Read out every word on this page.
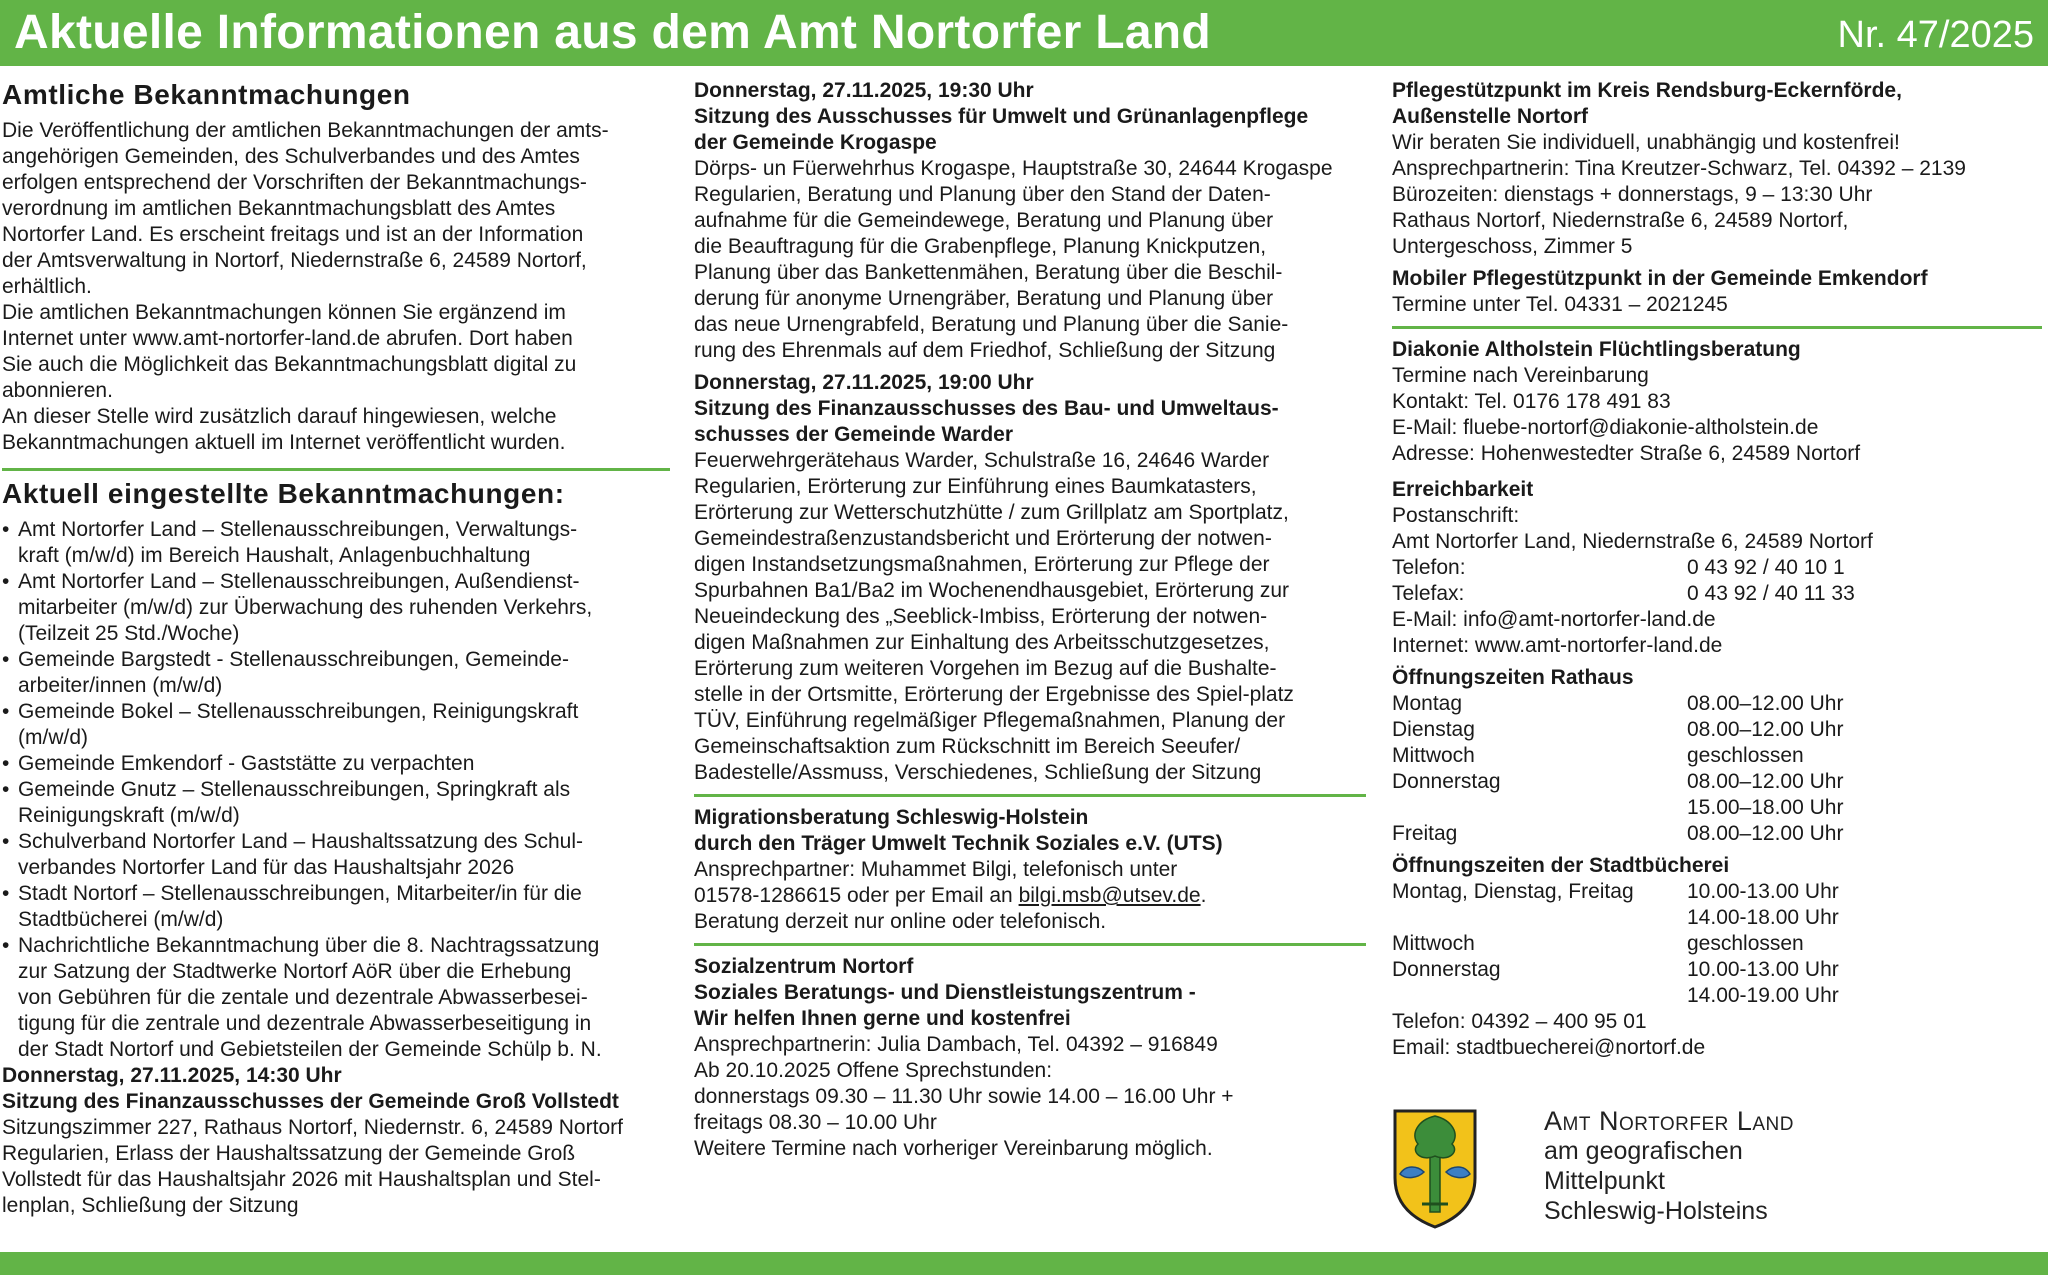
Aktuelle Informationen aus dem Amt Nortorfer Land	Nr. 47/2025
Amtliche Bekanntmachungen
Die Veröffentlichung der amtlichen Bekanntmachungen der amts-
angehörigen Gemeinden, des Schulverbandes und des Amtes
erfolgen entsprechend der Vorschriften der Bekanntmachungs-
verordnung im amtlichen Bekanntmachungsblatt des Amtes
Nortorfer Land. Es erscheint freitags und ist an der Information
der Amtsverwaltung in Nortorf, Niedernstraße 6, 24589 Nortorf,
erhältlich.
Die amtlichen Bekanntmachungen können Sie ergänzend im
Internet unter www.amt-nortorfer-land.de abrufen. Dort haben
Sie auch die Möglichkeit das Bekanntmachungsblatt digital zu
abonnieren.
An dieser Stelle wird zusätzlich darauf hingewiesen, welche
Bekanntmachungen aktuell im Internet veröffentlicht wurden.
Aktuell eingestellte Bekanntmachungen:
• Amt Nortorfer Land – Stellenausschreibungen, Verwaltungs-
kraft (m/w/d) im Bereich Haushalt, Anlagenbuchhaltung
• Amt Nortorfer Land – Stellenausschreibungen, Außendienst-
mitarbeiter (m/w/d) zur Überwachung des ruhenden Verkehrs,
(Teilzeit 25 Std./Woche)
• Gemeinde Bargstedt - Stellenausschreibungen, Gemeinde-
arbeiter/innen (m/w/d)
• Gemeinde Bokel – Stellenausschreibungen, Reinigungskraft
(m/w/d)
• Gemeinde Emkendorf - Gaststätte zu verpachten
• Gemeinde Gnutz – Stellenausschreibungen, Springkraft als
Reinigungskraft (m/w/d)
• Schulverband Nortorfer Land – Haushaltssatzung des Schul-
verbandes Nortorfer Land für das Haushaltsjahr 2026
• Stadt Nortorf – Stellenausschreibungen, Mitarbeiter/in für die
Stadtbücherei (m/w/d)
• Nachrichtliche Bekanntmachung über die 8. Nachtragssatzung
zur Satzung der Stadtwerke Nortorf AöR über die Erhebung
von Gebühren für die zentale und dezentrale Abwasserbesei-
tigung für die zentrale und dezentrale Abwasserbeseitigung in
der Stadt Nortorf und Gebietsteilen der Gemeinde Schülp b. N.
Donnerstag, 27.11.2025, 14:30 Uhr
Sitzung des Finanzausschusses der Gemeinde Groß Vollstedt
Sitzungszimmer 227, Rathaus Nortorf, Niedernstr. 6, 24589 Nortorf
Regularien, Erlass der Haushaltssatzung der Gemeinde Groß
Vollstedt für das Haushaltsjahr 2026 mit Haushaltsplan und Stel-
lenplan, Schließung der Sitzung
Donnerstag, 27.11.2025, 19:30 Uhr
Sitzung des Ausschusses für Umwelt und Grünanlagenpflege
der Gemeinde Krogaspe
Dörps- un Füerwehrhus Krogaspe, Hauptstraße 30, 24644 Krogaspe
Regularien, Beratung und Planung über den Stand der Daten-
aufnahme für die Gemeindewege, Beratung und Planung über
die Beauftragung für die Grabenpflege, Planung Knickputzen,
Planung über das Bankettenmähen, Beratung über die Beschil-
derung für anonyme Urnengräber, Beratung und Planung über
das neue Urnengrabfeld, Beratung und Planung über die Sanie-
rung des Ehrenmals auf dem Friedhof, Schließung der Sitzung
Donnerstag, 27.11.2025, 19:00 Uhr
Sitzung des Finanzausschusses des Bau- und Umweltaus-
schusses der Gemeinde Warder
Feuerwehrgerätehaus Warder, Schulstraße 16, 24646 Warder
Regularien, Erörterung zur Einführung eines Baumkatasters,
Erörterung zur Wetterschutzhütte / zum Grillplatz am Sportplatz,
Gemeindestraßenzustandsbericht und Erörterung der notwen-
digen Instandsetzungsmaßnahmen, Erörterung zur Pflege der
Spurbahnen Ba1/Ba2 im Wochenendhausgebiet, Erörterung zur
Neueindeckung des „Seeblick-Imbiss, Erörterung der notwen-
digen Maßnahmen zur Einhaltung des Arbeitsschutzgesetzes,
Erörterung zum weiteren Vorgehen im Bezug auf die Bushalte-
stelle in der Ortsmitte, Erörterung der Ergebnisse des Spiel-platz
TÜV, Einführung regelmäßiger Pflegemaßnahmen, Planung der
Gemeinschaftsaktion zum Rückschnitt im Bereich Seeufer/
Badestelle/Assmuss, Verschiedenes, Schließung der Sitzung
Migrationsberatung Schleswig-Holstein
durch den Träger Umwelt Technik Soziales e.V. (UTS)
Ansprechpartner: Muhammet Bilgi, telefonisch unter
01578-1286615 oder per Email an bilgi.msb@utsev.de.
Beratung derzeit nur online oder telefonisch.
Sozialzentrum Nortorf
Soziales Beratungs- und Dienstleistungszentrum -
Wir helfen Ihnen gerne und kostenfrei
Ansprechpartnerin: Julia Dambach, Tel. 04392 – 916849
Ab 20.10.2025 Offene Sprechstunden:
donnerstags 09.30 – 11.30 Uhr sowie 14.00 – 16.00 Uhr +
freitags 08.30 – 10.00 Uhr
Weitere Termine nach vorheriger Vereinbarung möglich.
Pflegestützpunkt im Kreis Rendsburg-Eckernförde,
Außenstelle Nortorf
Wir beraten Sie individuell, unabhängig und kostenfrei!
Ansprechpartnerin: Tina Kreutzer-Schwarz, Tel. 04392 – 2139
Bürozeiten: dienstags + donnerstags, 9 – 13:30 Uhr
Rathaus Nortorf, Niedernstraße 6, 24589 Nortorf,
Untergeschoss, Zimmer 5
Mobiler Pflegestützpunkt in der Gemeinde Emkendorf
Termine unter Tel. 04331 – 2021245
Diakonie Altholstein Flüchtlingsberatung
Termine nach Vereinbarung
Kontakt: Tel. 0176 178 491 83
E-Mail: fluebe-nortorf@diakonie-altholstein.de
Adresse: Hohenwestedter Straße 6, 24589 Nortorf
Erreichbarkeit
Postanschrift:
Amt Nortorfer Land, Niedernstraße 6, 24589 Nortorf
Telefon:	0 43 92 / 40 10 1
Telefax:	0 43 92 / 40 11 33
E-Mail: info@amt-nortorfer-land.de
Internet: www.amt-nortorfer-land.de
Öffnungszeiten Rathaus
Montag	08.00–12.00 Uhr
Dienstag	08.00–12.00 Uhr
Mittwoch	geschlossen
Donnerstag	08.00–12.00 Uhr
15.00–18.00 Uhr
Freitag	08.00–12.00 Uhr
Öffnungszeiten der Stadtbücherei
Montag, Dienstag, Freitag	10.00-13.00 Uhr
14.00-18.00 Uhr
Mittwoch	geschlossen
Donnerstag	10.00-13.00 Uhr
14.00-19.00 Uhr
Telefon: 04392 – 400 95 01
Email: stadtbuecherei@nortorf.de
Amt Nortorfer Land
am geografischen
Mittelpunkt
Schleswig-Holsteins
